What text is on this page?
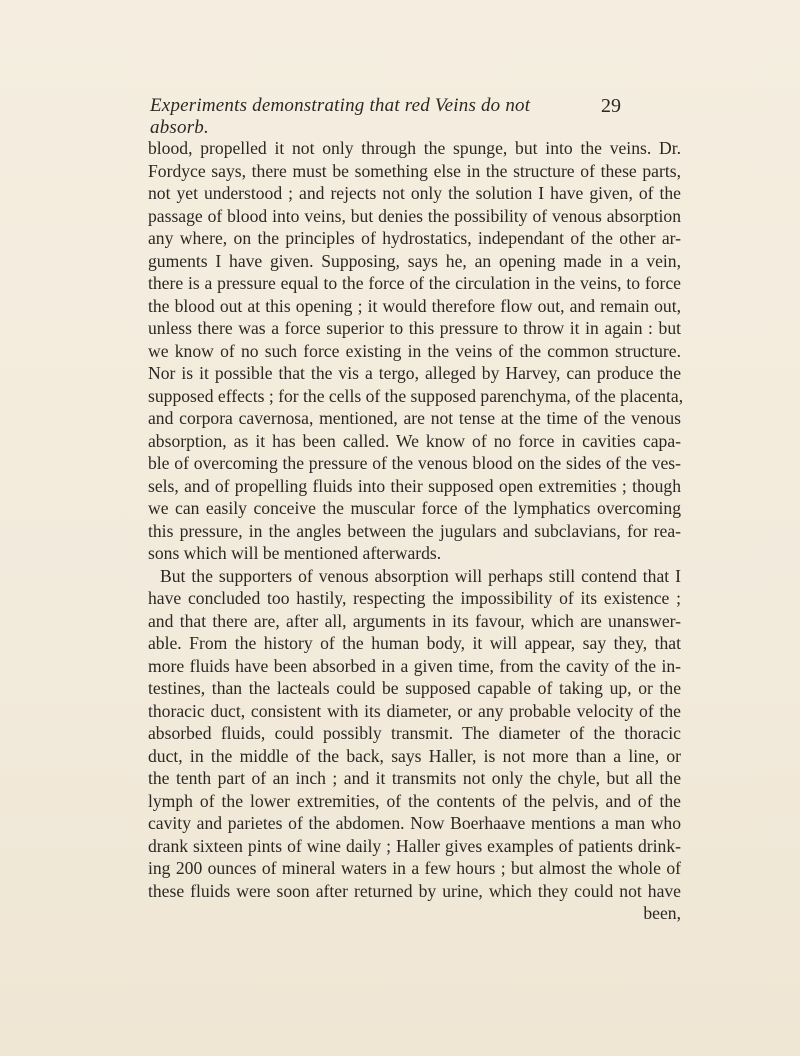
Experiments demonstrating that red Veins do not absorb.
29
blood, propelled it not only through the spunge, but into the veins. Dr.
Fordyce says, there must be something else in the structure of these parts,
not yet understood ; and rejects not only the solution I have given, of the
passage of blood into veins, but denies the possibility of venous absorption
any where, on the principles of hydrostatics, independant of the other ar-
guments I have given. Supposing, says he, an opening made in a vein,
there is a pressure equal to the force of the circulation in the veins, to force
the blood out at this opening ; it would therefore flow out, and remain out,
unless there was a force superior to this pressure to throw it in again : but
we know of no such force existing in the veins of the common structure.
Nor is it possible that the vis a tergo, alleged by Harvey, can produce the
supposed effects ; for the cells of the supposed parenchyma, of the placenta,
and corpora cavernosa, mentioned, are not tense at the time of the venous
absorption, as it has been called. We know of no force in cavities capa-
ble of overcoming the pressure of the venous blood on the sides of the ves-
sels, and of propelling fluids into their supposed open extremities ; though
we can easily conceive the muscular force of the lymphatics overcoming
this pressure, in the angles between the jugulars and subclavians, for rea-
sons which will be mentioned afterwards.
But the supporters of venous absorption will perhaps still contend that I
have concluded too hastily, respecting the impossibility of its existence ;
and that there are, after all, arguments in its favour, which are unanswer-
able. From the history of the human body, it will appear, say they, that
more fluids have been absorbed in a given time, from the cavity of the in-
testines, than the lacteals could be supposed capable of taking up, or the
thoracic duct, consistent with its diameter, or any probable velocity of the
absorbed fluids, could possibly transmit. The diameter of the thoracic
duct, in the middle of the back, says Haller, is not more than a line, or
the tenth part of an inch ; and it transmits not only the chyle, but all the
lymph of the lower extremities, of the contents of the pelvis, and of the
cavity and parietes of the abdomen. Now Boerhaave mentions a man who
drank sixteen pints of wine daily ; Haller gives examples of patients drink-
ing 200 ounces of mineral waters in a few hours ; but almost the whole of
these fluids were soon after returned by urine, which they could not have
been,
